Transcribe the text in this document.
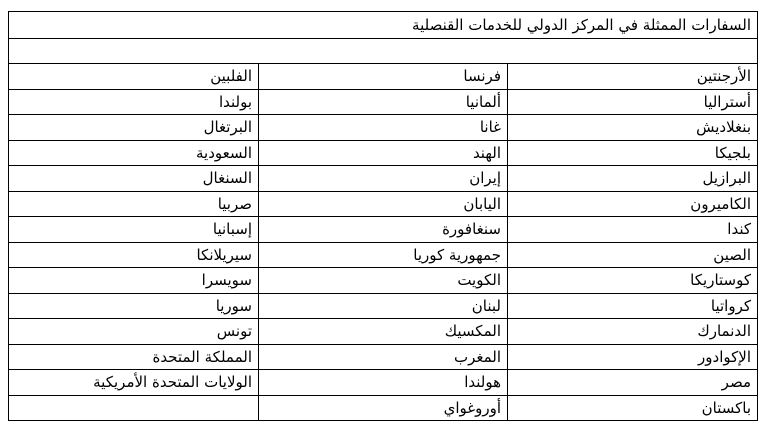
السفارات الممثلة في المركز الدولي للخدمات القنصلية		

الأرجنتين	فرنسا	الفلبين
أستراليا	ألمانيا	بولندا
بنغلاديش	غانا	البرتغال
بلجيكا	الهند	السعودية
البرازيل	إيران	السنغال
الكاميرون	اليابان	صربيا
كندا	سنغافورة	إسبانيا
الصين	جمهورية كوريا	سيريلانكا
كوستاريكا	الكويت	سويسرا
كرواتيا	لبنان	سوريا
الدنمارك	المكسيك	تونس
الإكوادور	المغرب	المملكة المتحدة
مصر	هولندا	الولايات المتحدة الأمريكية
باكستان	أوروغواي	
